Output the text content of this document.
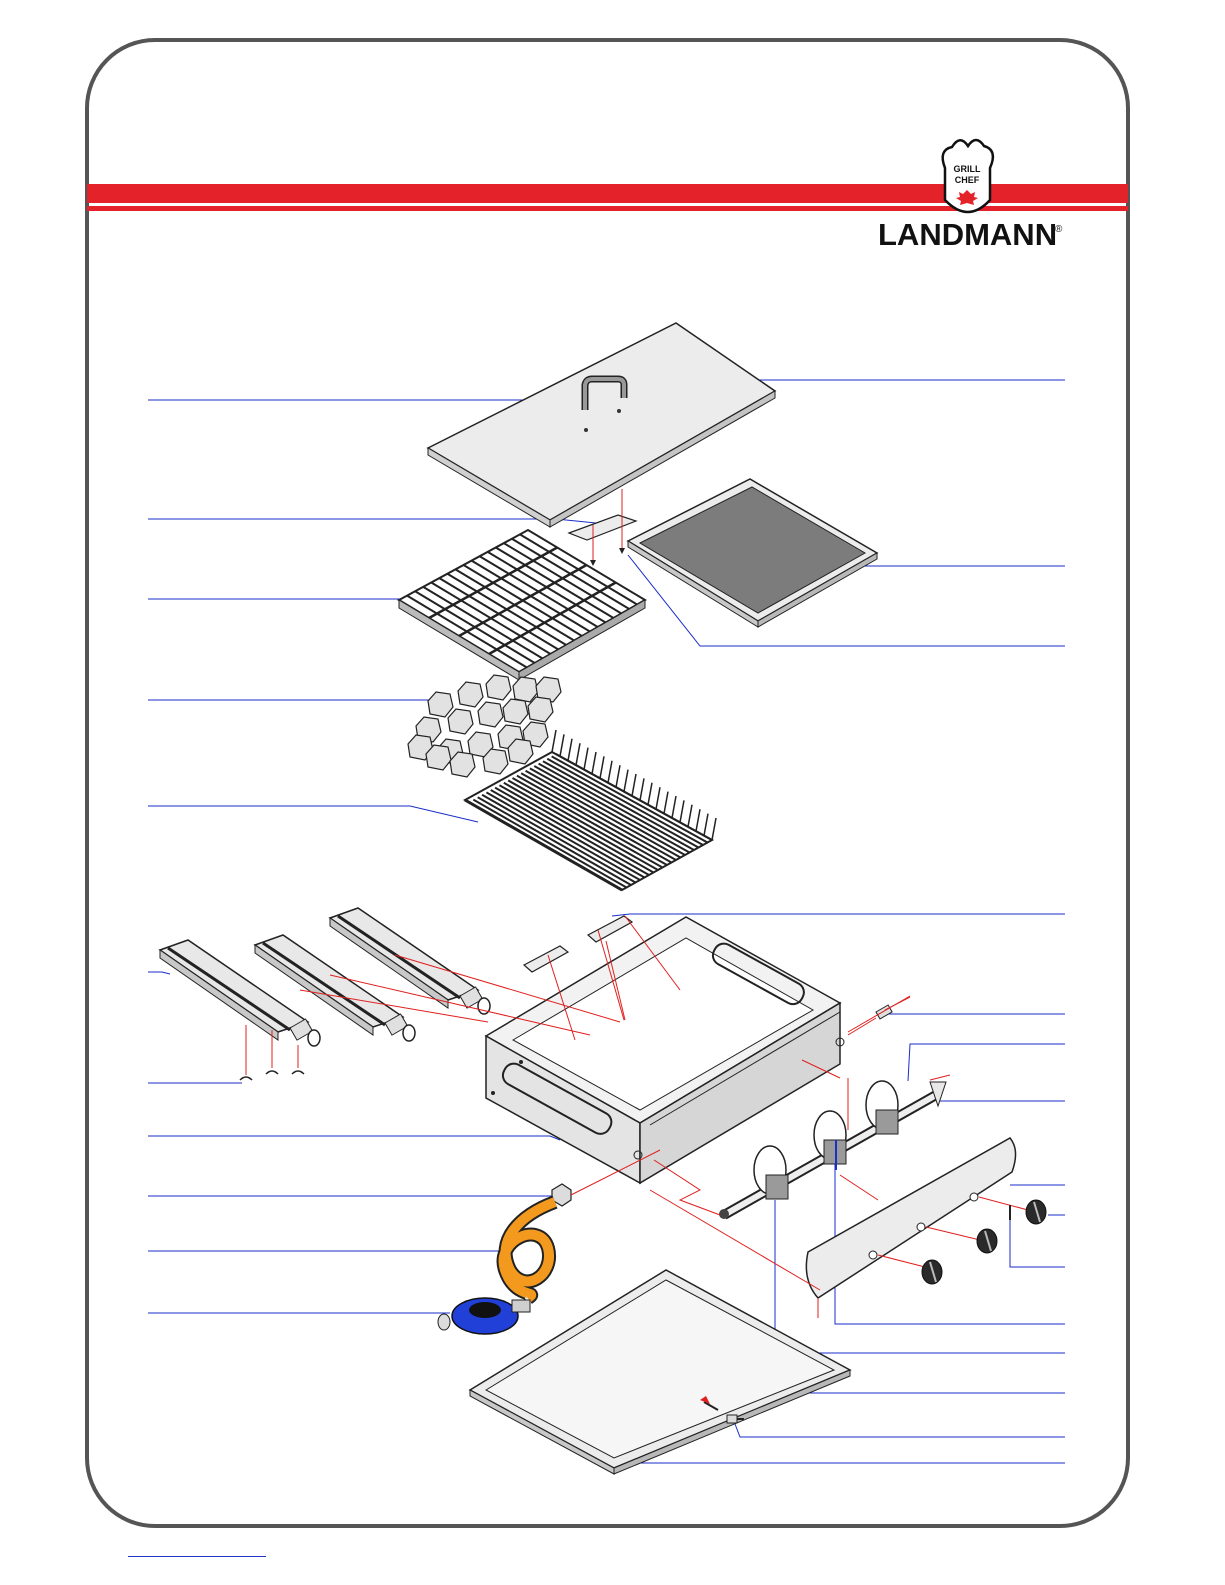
GRILL
CHEF
LANDMANN
®
